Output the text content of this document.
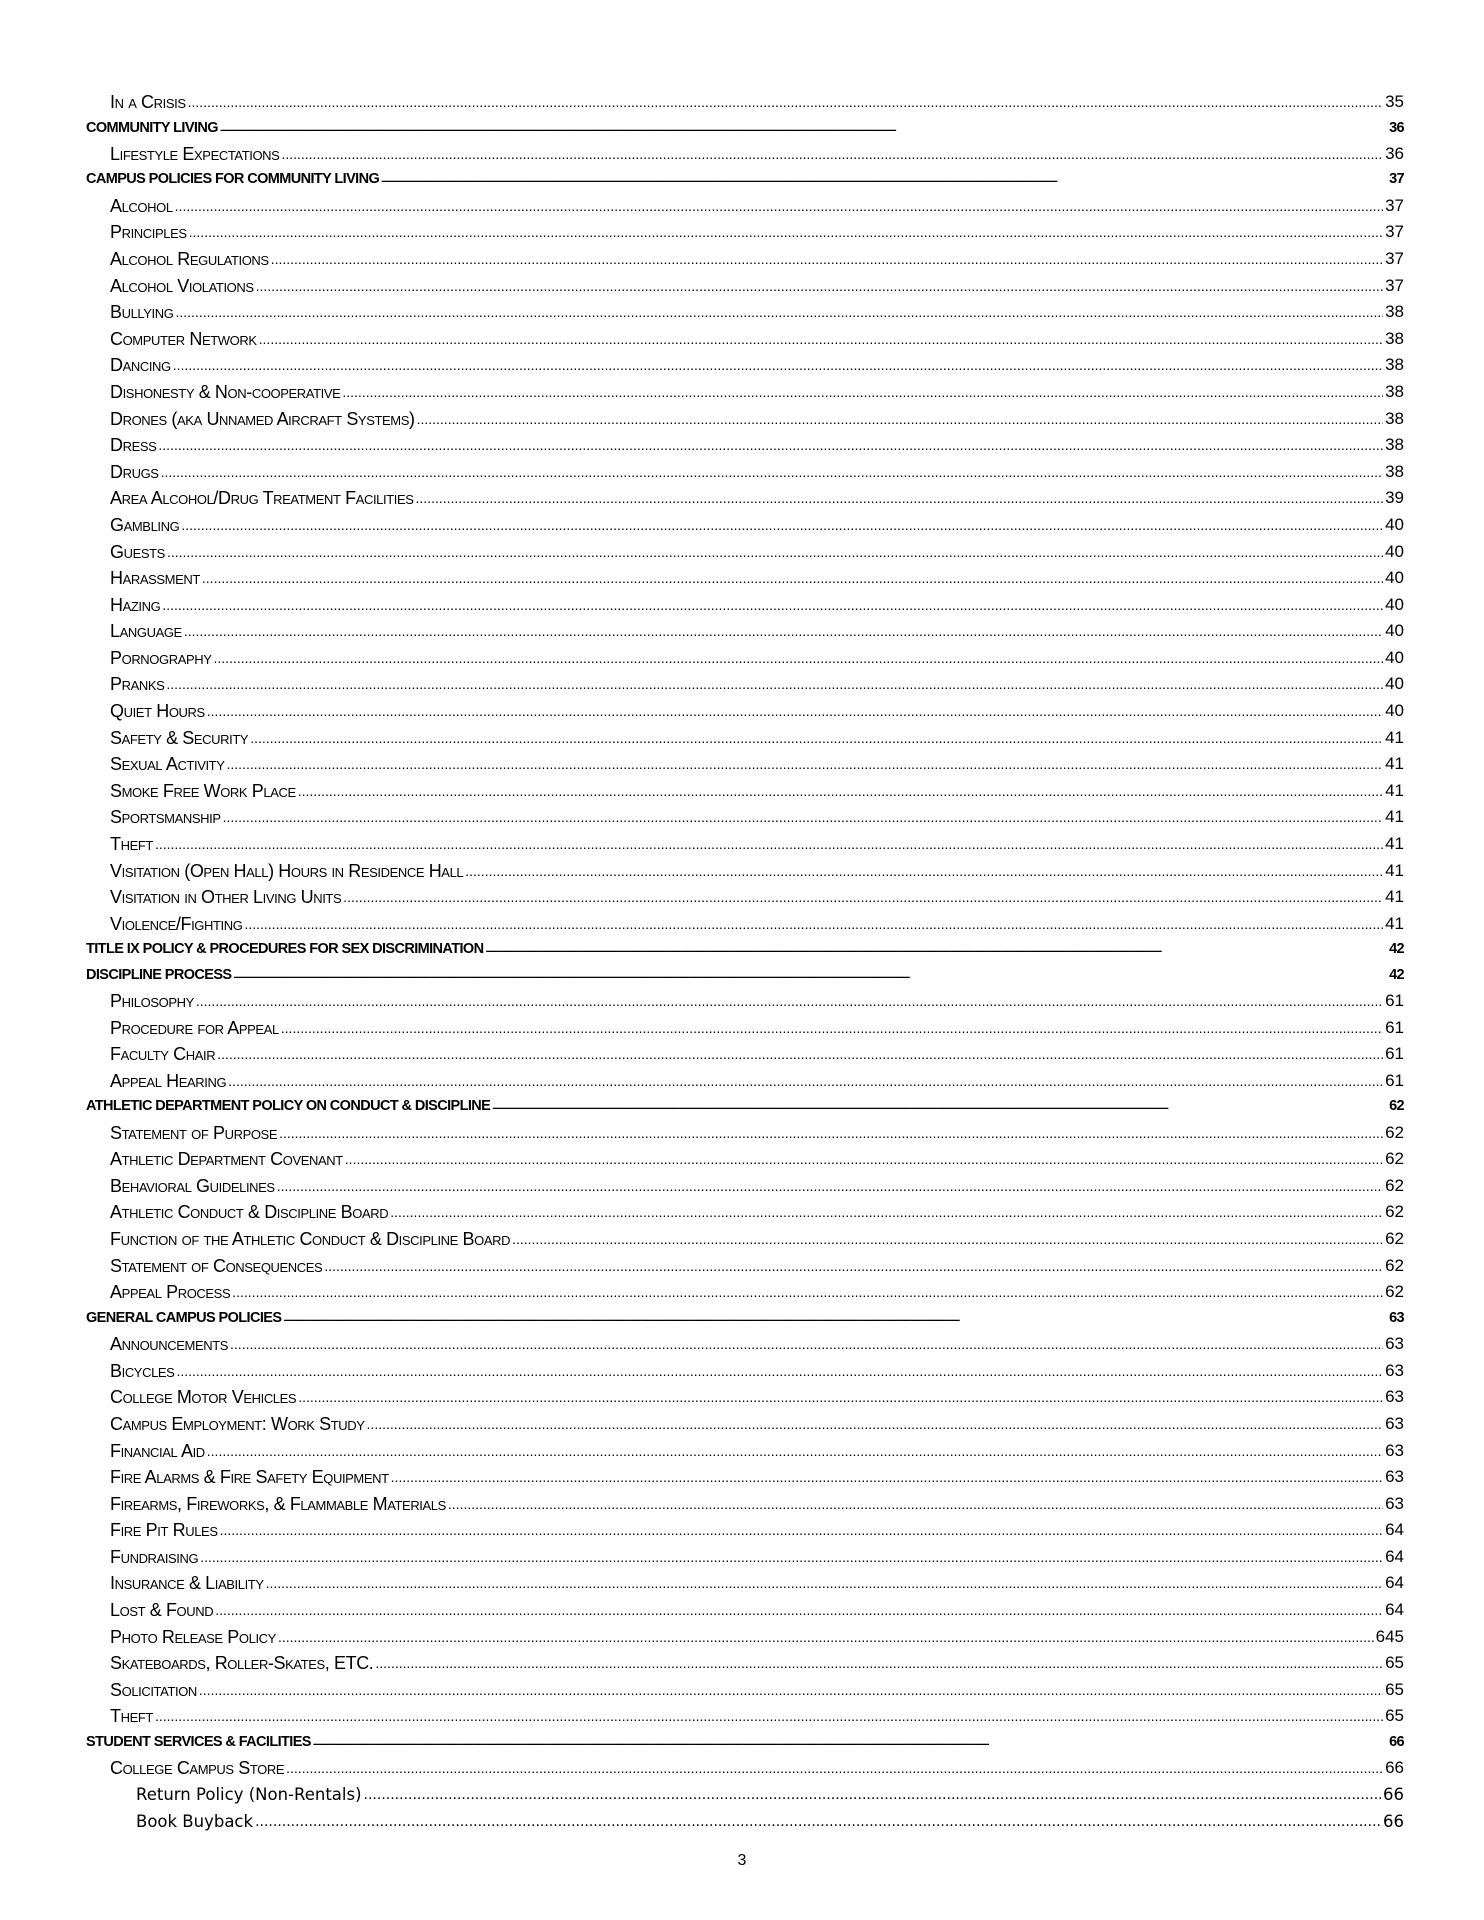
In a Crisis .....	35
COMMUNITY LIVING .....	36
Lifestyle Expectations .....	36
CAMPUS POLICIES FOR COMMUNITY LIVING .....	37
Alcohol .....	37
Principles .....	37
Alcohol Regulations .....	37
Alcohol Violations .....	37
Bullying .....	38
Computer Network .....	38
Dancing .....	38
Dishonesty & Non-cooperative .....	38
Drones (aka Unnamed Aircraft Systems) .....	38
Dress .....	38
Drugs .....	38
Area Alcohol/Drug Treatment Facilities .....	39
Gambling .....	40
Guests .....	40
Harassment .....	40
Hazing .....	40
Language .....	40
Pornography .....	40
Pranks .....	40
Quiet Hours .....	40
Safety & Security .....	41
Sexual Activity .....	41
Smoke Free Work Place .....	41
Sportsmanship .....	41
Theft .....	41
Visitation (Open Hall) Hours in Residence Hall .....	41
Visitation in Other Living Units .....	41
Violence/Fighting .....	41
TITLE IX POLICY & PROCEDURES FOR SEX DISCRIMINATION .....	42
DISCIPLINE PROCESS .....	42
Philosophy .....	61
Procedure for Appeal .....	61
Faculty Chair .....	61
Appeal Hearing .....	61
ATHLETIC DEPARTMENT POLICY ON CONDUCT & DISCIPLINE .....	62
Statement of Purpose .....	62
Athletic Department Covenant .....	62
Behavioral Guidelines .....	62
Athletic Conduct & Discipline Board .....	62
Function of the Athletic Conduct & Discipline Board .....	62
Statement of Consequences .....	62
Appeal Process .....	62
GENERAL CAMPUS POLICIES .....	63
Announcements .....	63
Bicycles .....	63
College Motor Vehicles .....	63
Campus Employment: Work Study .....	63
Financial Aid .....	63
Fire Alarms & Fire Safety Equipment .....	63
Firearms, Fireworks, & Flammable Materials .....	63
Fire Pit Rules .....	64
Fundraising .....	64
Insurance & Liability .....	64
Lost & Found .....	64
Photo Release Policy .....	645
Skateboards, Roller-Skates, ETC. .....	65
Solicitation .....	65
Theft .....	65
STUDENT SERVICES & FACILITIES .....	66
College Campus Store .....	66
Return Policy (Non-Rentals) .....	66
Book Buyback .....	66
3
